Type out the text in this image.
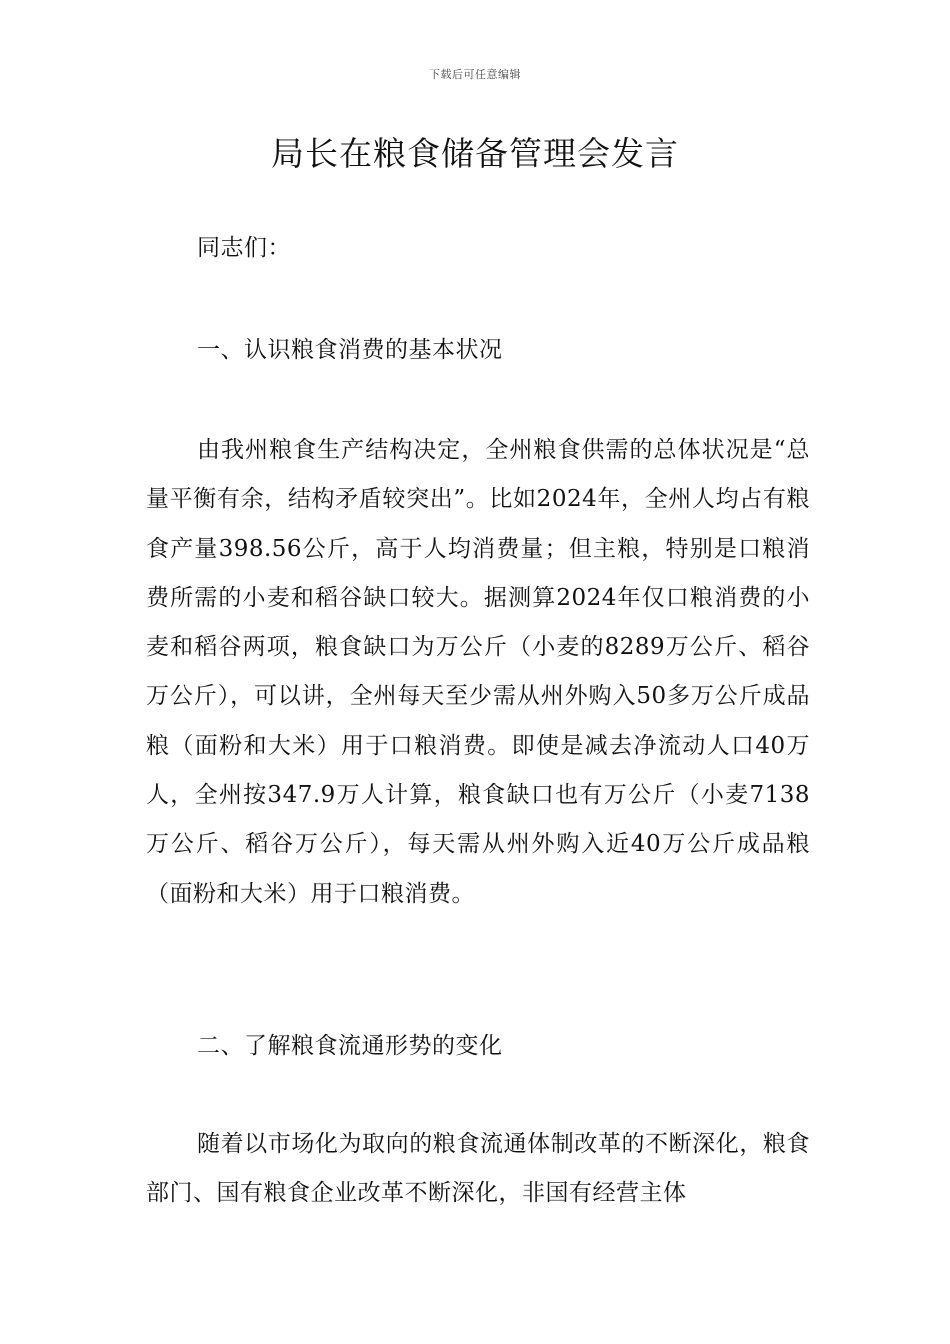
下载后可任意编辑
局长在粮食储备管理会发言
同志们：
一、认识粮食消费的基本状况
由我州粮食生产结构决定，全州粮食供需的总体状况是“总量平衡有余，结构矛盾较突出”。比如2024年，全州人均占有粮食产量398.56公斤，高于人均消费量；但主粮，特别是口粮消费所需的小麦和稻谷缺口较大。据测算2024年仅口粮消费的小麦和稻谷两项，粮食缺口为万公斤（小麦的8289万公斤、稻谷万公斤），可以讲，全州每天至少需从州外购入50多万公斤成品粮（面粉和大米）用于口粮消费。即使是减去净流动人口40万人，全州按347.9万人计算，粮食缺口也有万公斤（小麦7138万公斤、稻谷万公斤），每天需从州外购入近40万公斤成品粮（面粉和大米）用于口粮消费。
二、了解粮食流通形势的变化
随着以市场化为取向的粮食流通体制改革的不断深化，粮食部门、国有粮食企业改革不断深化，非国有经营主体
